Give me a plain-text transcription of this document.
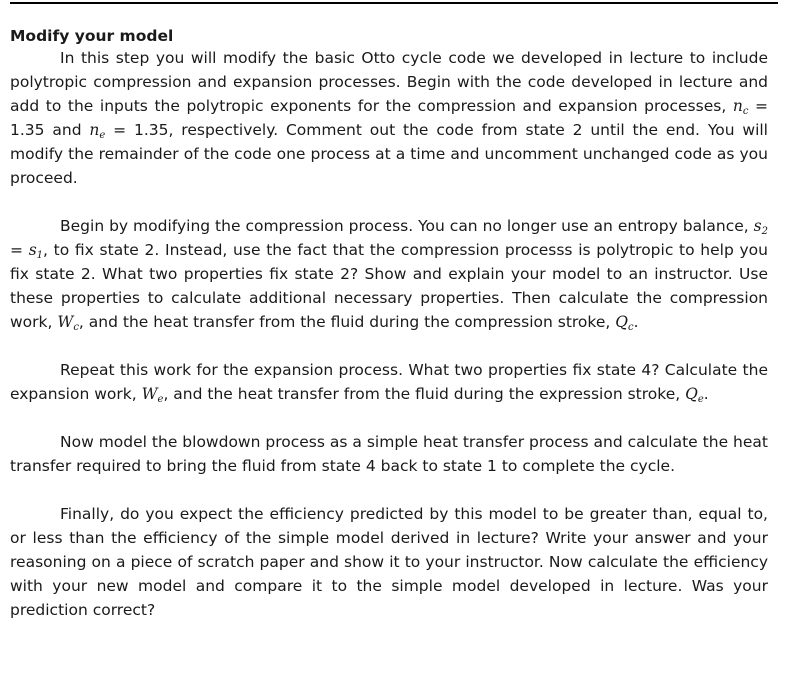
Modify your model

In this step you will modify the basic Otto cycle code we developed in lecture to include polytropic compression and expansion processes. Begin with the code developed in lecture and add to the inputs the polytropic exponents for the compression and expansion processes, $n_c = 1.35$ and $n_e = 1.35$, respectively. Comment out the code from state 2 until the end. You will modify the remainder of the code one process at a time and uncomment unchanged code as you proceed.

Begin by modifying the compression process. You can no longer use an entropy balance, $s_2 = s_1$, to fix state 2. Instead, use the fact that the compression processs is polytropic to help you fix state 2. What two properties fix state 2? Show and explain your model to an instructor. Use these properties to calculate additional necessary properties. Then calculate the compression work, $W_c$, and the heat transfer from the fluid during the compression stroke, $Q_c$.

Repeat this work for the expansion process. What two properties fix state 4? Calculate the expansion work, $W_e$, and the heat transfer from the fluid during the expression stroke, $Q_e$.

Now model the blowdown process as a simple heat transfer process and calculate the heat transfer required to bring the fluid from state 4 back to state 1 to complete the cycle.

Finally, do you expect the efficiency predicted by this model to be greater than, equal to, or less than the efficiency of the simple model derived in lecture? Write your answer and your reasoning on a piece of scratch paper and show it to your instructor. Now calculate the efficiency with your new model and compare it to the simple model developed in lecture. Was your prediction correct?
